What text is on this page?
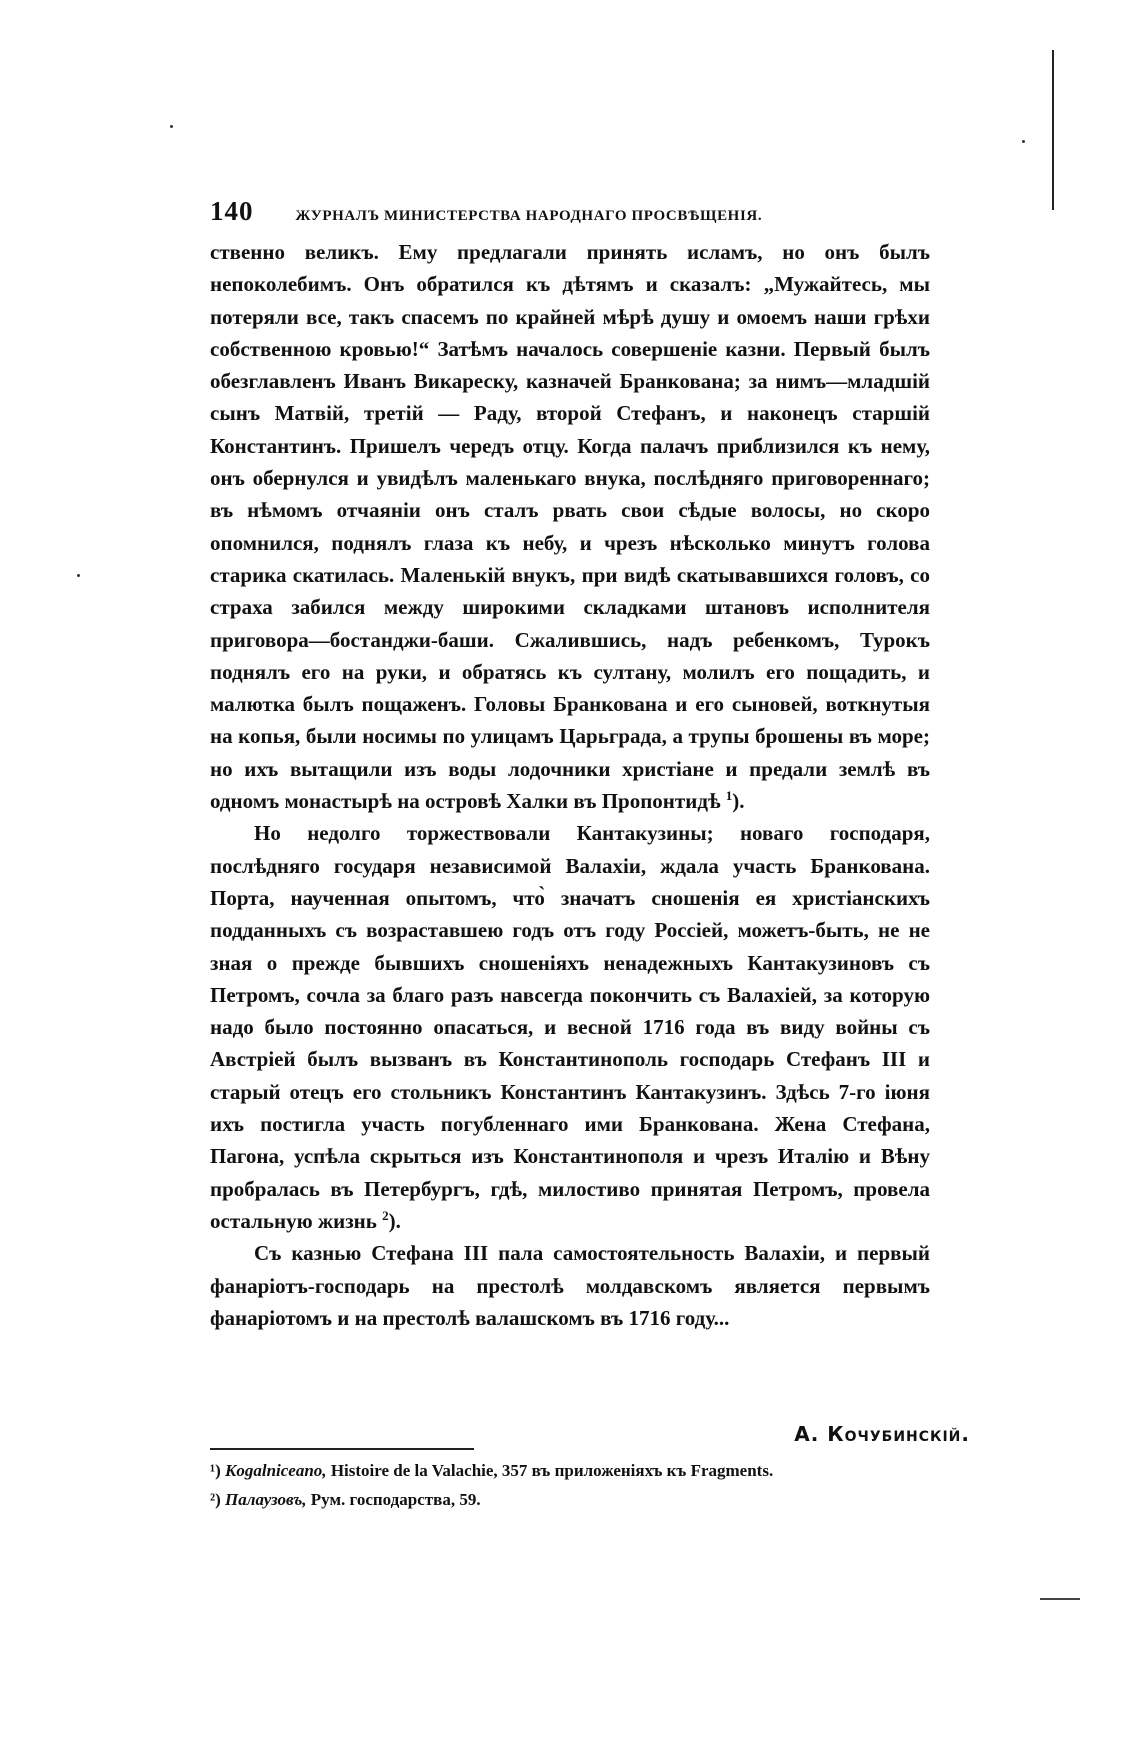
140	ЖУРНАЛЪ МИНИСТЕРСТВА НАРОДНАГО ПРОСВѢЩЕНІЯ.

ственно великъ. Ему предлагали принять исламъ, но онъ былъ непоколебимъ. Онъ обратился къ дѣтямъ и сказалъ: „Мужайтесь, мы потеряли все, такъ спасемъ по крайней мѣрѣ душу и омоемъ наши грѣхи собственною кровью!“ Затѣмъ началось совершеніе казни. Первый былъ обезглавленъ Иванъ Викареску, казначей Бранкована; за нимъ—младшій сынъ Матвій, третій — Раду, второй Стефанъ, и наконецъ старшій Константинъ. Пришелъ чередъ отцу. Когда палачъ приблизился къ нему, онъ обернулся и увидѣлъ маленькаго внука, послѣдняго приговореннаго; въ нѣмомъ отчаяніи онъ сталъ рвать свои сѣдые волосы, но скоро опомнился, поднялъ глаза къ небу, и чрезъ нѣсколько минутъ голова старика скатилась. Маленькій внукъ, при видѣ скатывавшихся головъ, со страха забился между широкими складками штановъ исполнителя приговора—бостанджи-баши. Сжалившись, надъ ребенкомъ, Турокъ поднялъ его на руки, и обратясь къ султану, молилъ его пощадить, и малютка былъ пощаженъ. Головы Бранкована и его сыновей, воткнутыя на копья, были носимы по улицамъ Царьграда, а трупы брошены въ море; но ихъ вытащили изъ воды лодочники христіане и предали землѣ въ одномъ монастырѣ на островѣ Халки въ Пропонтидѣ $^1$).

Но недолго торжествовали Кантакузины; новаго господаря, послѣдняго государя независимой Валахіи, ждала участь Бранкована. Порта, наученная опытомъ, что̀ значатъ сношенія ея христіанскихъ подданныхъ съ возраставшею годъ отъ году Россіей, можетъ-быть, не не зная о прежде бывшихъ сношеніяхъ ненадежныхъ Кантакузиновъ съ Петромъ, сочла за благо разъ навсегда покончить съ Валахіей, за которую надо было постоянно опасаться, и весной 1716 года въ виду войны съ Австріей былъ вызванъ въ Константинополь господарь Стефанъ III и старый отецъ его стольникъ Константинъ Кантакузинъ. Здѣсь 7-го іюня ихъ постигла участь погубленнаго ими Бранкована. Жена Стефана, Пагона, успѣла скрыться изъ Константинополя и чрезъ Италію и Вѣну пробралась въ Петербургъ, гдѣ, милостиво принятая Петромъ, провела остальную жизнь $^2$).

Съ казнью Стефана III пала самостоятельность Валахіи, и первый фанаріотъ-господарь на престолѣ молдавскомъ является первымъ фанаріотомъ и на престолѣ валашскомъ въ 1716 году...

А. Кочубинскій.

¹) Kogalniceano, Histoire de la Valachie, 357 въ приложеніяхъ къ Fragments.

²) Палаузовъ, Рум. господарства, 59.
